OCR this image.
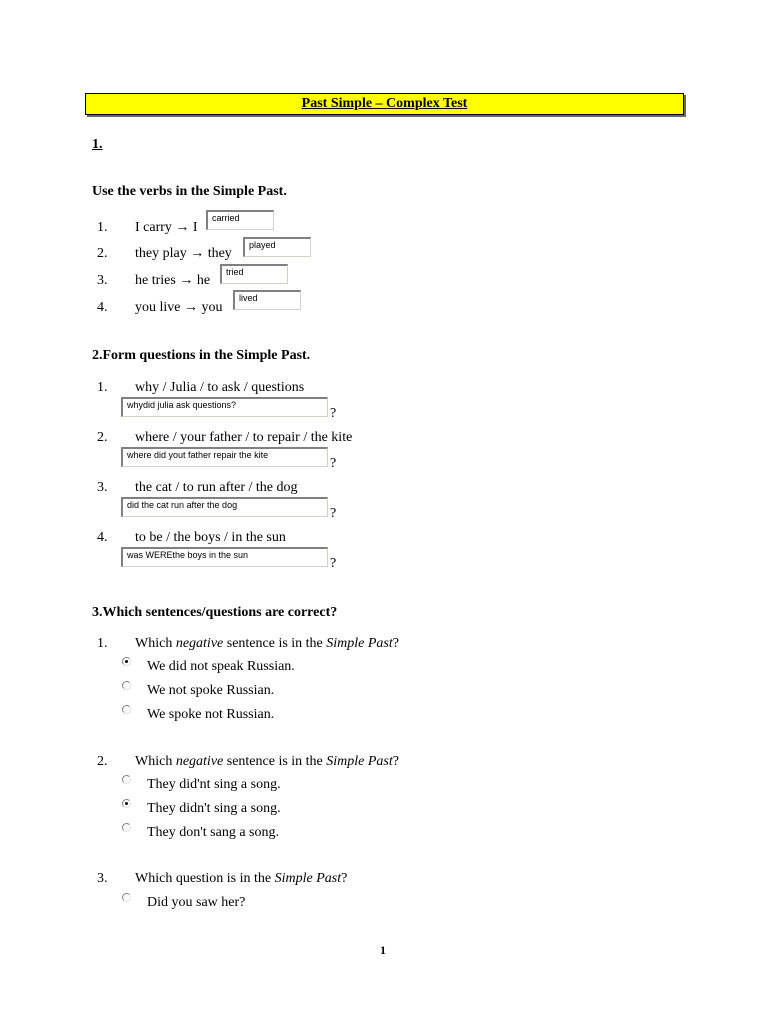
Past Simple – Complex Test
1.
Use the verbs in the Simple Past.
1. I carry → I
carried
2. they play → they
played
3. he tries → he
tried
4. you live → you
lived
2.Form questions in the Simple Past.
1. why / Julia / to ask / questions
whydid julia ask questions?
?
2. where / your father / to repair / the kite
where did yout father repair the kite
?
3. the cat / to run after / the dog
did the cat run after the dog
?
4. to be / the boys / in the sun
was WEREthe boys in the sun
?
3.Which sentences/questions are correct?
1. Which negative sentence is in the Simple Past?
We did not speak Russian.
We not spoke Russian.
We spoke not Russian.
2. Which negative sentence is in the Simple Past?
They did'nt sing a song.
They didn't sing a song.
They don't sang a song.
3. Which question is in the Simple Past?
Did you saw her?
1
